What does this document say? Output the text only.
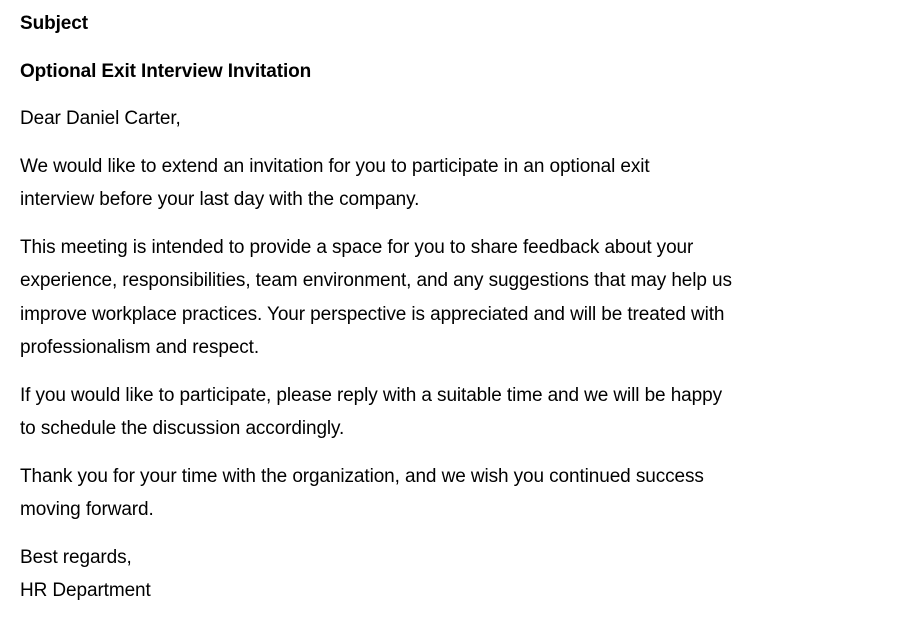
Subject

Optional Exit Interview Invitation

Dear Daniel Carter,

We would like to extend an invitation for you to participate in an optional exit
interview before your last day with the company.

This meeting is intended to provide a space for you to share feedback about your
experience, responsibilities, team environment, and any suggestions that may help us
improve workplace practices. Your perspective is appreciated and will be treated with
professionalism and respect.

If you would like to participate, please reply with a suitable time and we will be happy
to schedule the discussion accordingly.

Thank you for your time with the organization, and we wish you continued success
moving forward.

Best regards,
HR Department
